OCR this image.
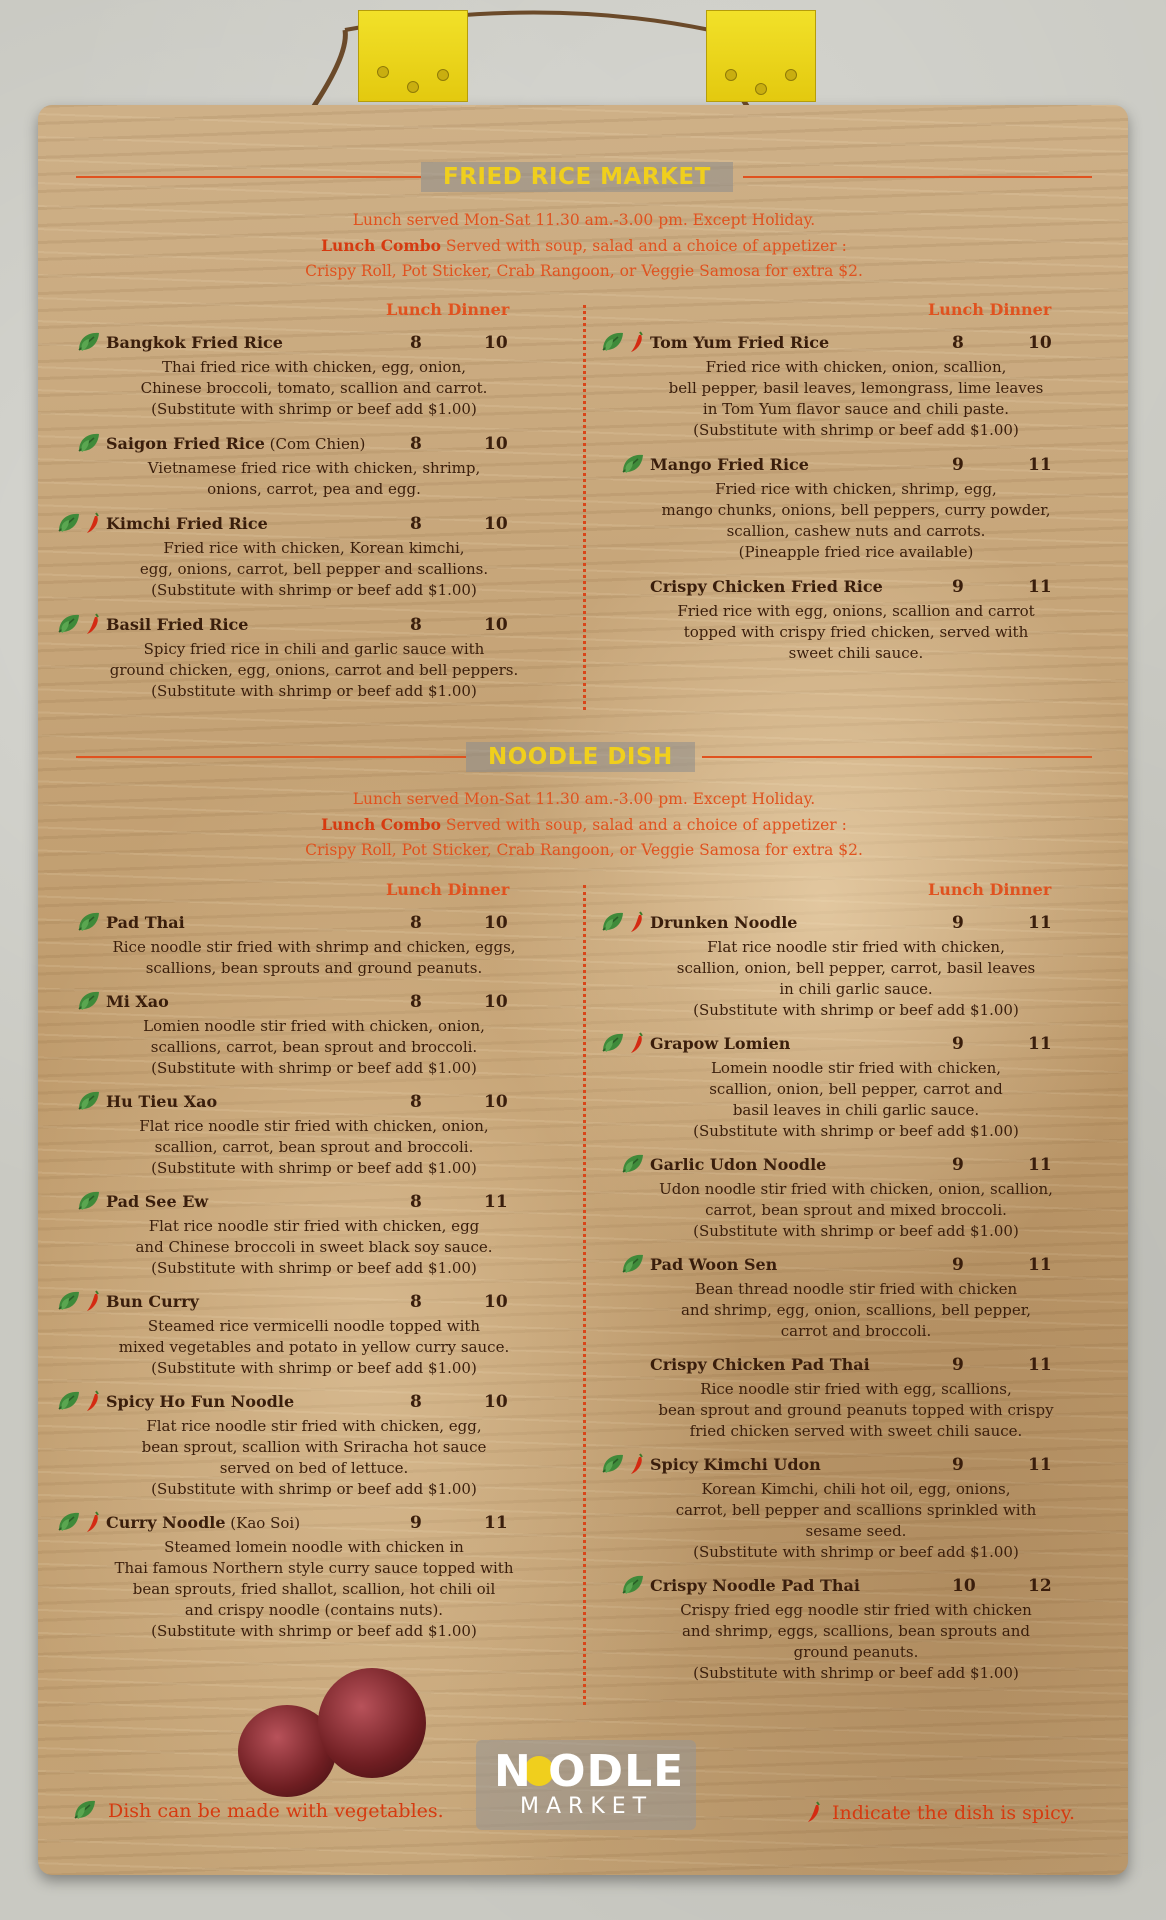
FRIED RICE MARKET
Lunch served Mon-Sat 11.30 am.-3.00 pm. Except Holiday.
Lunch Combo Served with soup, salad and a choice of appetizer :
Crispy Roll, Pot Sticker, Crab Rangoon, or Veggie Samosa for extra $2.
Lunch Dinner	Lunch Dinner
Bangkok Fried Rice	8	10
Thai fried rice with chicken, egg, onion,
Chinese broccoli, tomato, scallion and carrot.
(Substitute with shrimp or beef add $1.00)
Saigon Fried Rice (Com Chien)	8	10
Vietnamese fried rice with chicken, shrimp,
onions, carrot, pea and egg.
Kimchi Fried Rice	8	10
Fried rice with chicken, Korean kimchi,
egg, onions, carrot, bell pepper and scallions.
(Substitute with shrimp or beef add $1.00)
Basil Fried Rice	8	10
Spicy fried rice in chili and garlic sauce with
ground chicken, egg, onions, carrot and bell peppers.
(Substitute with shrimp or beef add $1.00)
Tom Yum Fried Rice	8	10
Fried rice with chicken, onion, scallion,
bell pepper, basil leaves, lemongrass, lime leaves
in Tom Yum flavor sauce and chili paste.
(Substitute with shrimp or beef add $1.00)
Mango Fried Rice	9	11
Fried rice with chicken, shrimp, egg,
mango chunks, onions, bell peppers, curry powder,
scallion, cashew nuts and carrots.
(Pineapple fried rice available)
Crispy Chicken Fried Rice	9	11
Fried rice with egg, onions, scallion and carrot
topped with crispy fried chicken, served with
sweet chili sauce.
NOODLE DISH
Lunch served Mon-Sat 11.30 am.-3.00 pm. Except Holiday.
Lunch Combo Served with soup, salad and a choice of appetizer :
Crispy Roll, Pot Sticker, Crab Rangoon, or Veggie Samosa for extra $2.
Lunch Dinner	Lunch Dinner
Pad Thai	8	10
Rice noodle stir fried with shrimp and chicken, eggs,
scallions, bean sprouts and ground peanuts.
Mi Xao	8	10
Lomien noodle stir fried with chicken, onion,
scallions, carrot, bean sprout and broccoli.
(Substitute with shrimp or beef add $1.00)
Hu Tieu Xao	8	10
Flat rice noodle stir fried with chicken, onion,
scallion, carrot, bean sprout and broccoli.
(Substitute with shrimp or beef add $1.00)
Pad See Ew	8	11
Flat rice noodle stir fried with chicken, egg
and Chinese broccoli in sweet black soy sauce.
(Substitute with shrimp or beef add $1.00)
Bun Curry	8	10
Steamed rice vermicelli noodle topped with
mixed vegetables and potato in yellow curry sauce.
(Substitute with shrimp or beef add $1.00)
Spicy Ho Fun Noodle	8	10
Flat rice noodle stir fried with chicken, egg,
bean sprout, scallion with Sriracha hot sauce
served on bed of lettuce.
(Substitute with shrimp or beef add $1.00)
Curry Noodle (Kao Soi)	9	11
Steamed lomein noodle with chicken in
Thai famous Northern style curry sauce topped with
bean sprouts, fried shallot, scallion, hot chili oil
and crispy noodle (contains nuts).
(Substitute with shrimp or beef add $1.00)
Drunken Noodle	9	11
Flat rice noodle stir fried with chicken,
scallion, onion, bell pepper, carrot, basil leaves
in chili garlic sauce.
(Substitute with shrimp or beef add $1.00)
Grapow Lomien	9	11
Lomein noodle stir fried with chicken,
scallion, onion, bell pepper, carrot and
basil leaves in chili garlic sauce.
(Substitute with shrimp or beef add $1.00)
Garlic Udon Noodle	9	11
Udon noodle stir fried with chicken, onion, scallion,
carrot, bean sprout and mixed broccoli.
(Substitute with shrimp or beef add $1.00)
Pad Woon Sen	9	11
Bean thread noodle stir fried with chicken
and shrimp, egg, onion, scallions, bell pepper,
carrot and broccoli.
Crispy Chicken Pad Thai	9	11
Rice noodle stir fried with egg, scallions,
bean sprout and ground peanuts topped with crispy
fried chicken served with sweet chili sauce.
Spicy Kimchi Udon	9	11
Korean Kimchi, chili hot oil, egg, onions,
carrot, bell pepper and scallions sprinkled with
sesame seed.
(Substitute with shrimp or beef add $1.00)
Crispy Noodle Pad Thai	10	12
Crispy fried egg noodle stir fried with chicken
and shrimp, eggs, scallions, bean sprouts and
ground peanuts.
(Substitute with shrimp or beef add $1.00)
N ODLE
MARKET
Dish can be made with vegetables.	Indicate the dish is spicy.
